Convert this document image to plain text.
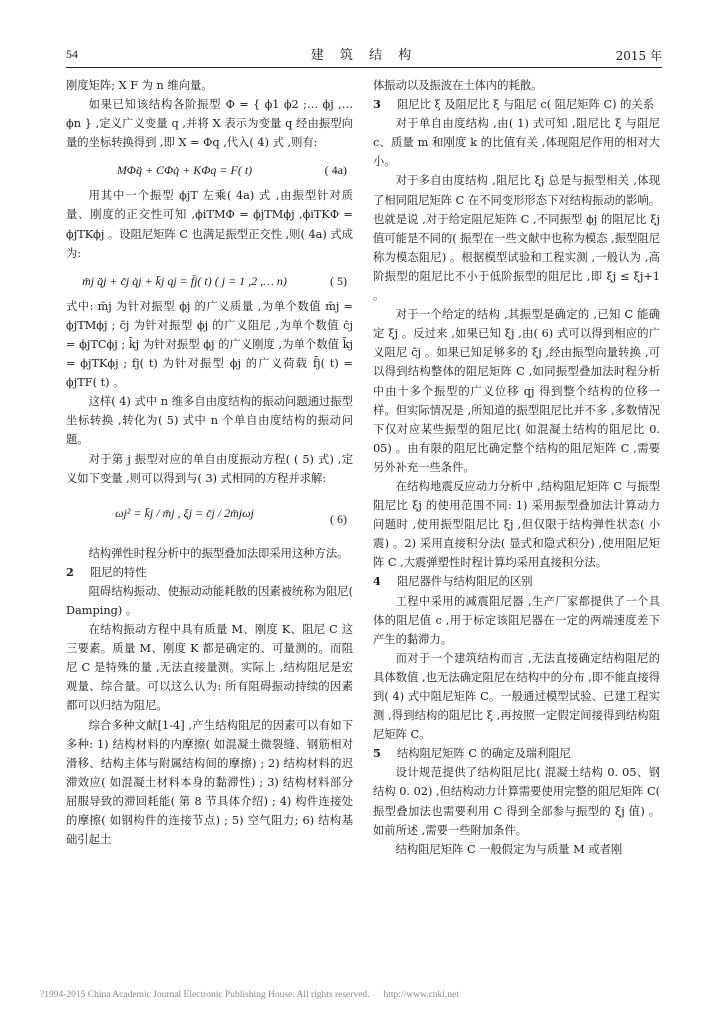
54	建 筑 结 构	2015 年

刚度矩阵; X F 为 n 维向量。

如果已知该结构各阶振型 Φ = { ϕ1 ϕ2 ;… ϕj ,… ϕn } ,定义广义变量 q ,并将 X 表示为变量 q 经由振型向量的坐标转换得到 ,即 X = Φq ,代入( 4) 式 ,则有:

MΦq̈ + CΦq̇ + KΦq = F( t)	( 4a)

用其中一个振型 ϕjT 左乘( 4a) 式 ,由振型针对质量、刚度的正交性可知 ,ϕiTMΦ = ϕjTMϕj ,ϕiTKΦ = ϕjTKϕj 。设阻尼矩阵 C 也满足振型正交性 ,则( 4a) 式成为:

m̄j q̈j + c̄j q̇j + k̄j qj = f̄j( t) ( j = 1 ,2 ,… n)	( 5)

式中: m̄j 为针对振型 ϕj 的广义质量 ,为单个数值 m̄j = ϕjTMϕj ; c̄j 为针对振型 ϕj 的广义阻尼 ,为单个数值 c̄j = ϕjTCϕj ; k̄j 为针对振型 ϕj 的广义刚度 ,为单个数值 k̄j = ϕjTKϕj ; fj( t) 为针对振型 ϕj 的广义荷载 f̄j( t) = ϕjTF( t) 。

这样( 4) 式中 n 维多自由度结构的振动问题通过振型坐标转换 ,转化为( 5) 式中 n 个单自由度结构的振动问题。

对于第 j 振型对应的单自由度振动方程( ( 5) 式) ,定义如下变量 ,则可以得到与( 3) 式相同的方程并求解:

ωj² = k̄j / m̄j , ξj = c̄j / 2m̄jωj	( 6)

结构弹性时程分析中的振型叠加法即采用这种方法。

2 阻尼的特性

阻碍结构振动、使振动动能耗散的因素被统称为阻尼( Damping) 。

在结构振动方程中具有质量 M、刚度 K、阻尼 C 这三要素。质量 M、刚度 K 都是确定的、可量测的。而阻尼 C 是特殊的量 ,无法直接量测。实际上 ,结构阻尼是宏观量、综合量。可以这么认为: 所有阻碍振动持续的因素都可以归结为阻尼。

综合多种文献[1-4] ,产生结构阻尼的因素可以有如下多种: 1) 结构材料的内摩擦( 如混凝土微裂缝、钢筋相对滑移、结构主体与附属结构间的摩擦) ; 2) 结构材料的迟滞效应( 如混凝土材料本身的黏滞性) ; 3) 结构材料部分屈服导致的滞回耗能( 第 8 节具体介绍) ; 4) 构件连接处的摩擦( 如钢构件的连接节点) ; 5) 空气阻力; 6) 结构基础引起土

体振动以及振波在土体内的耗散。

3 阻尼比 ξ 及阻尼比 ξ 与阻尼 c( 阻尼矩阵 C) 的关系

对于单自由度结构 ,由( 1) 式可知 ,阻尼比 ξ 与阻尼 c、质量 m 和刚度 k 的比值有关 ,体现阻尼作用的相对大小。

对于多自由度结构 ,阻尼比 ξj 总是与振型相关 ,体现了相同阻尼矩阵 C 在不同变形形态下对结构振动的影响。也就是说 ,对于给定阻尼矩阵 C ,不同振型 ϕj 的阻尼比 ξj 值可能是不同的( 振型在一些文献中也称为模态 ,振型阻尼称为模态阻尼) 。根据模型试验和工程实测 ,一般认为 ,高阶振型的阻尼比不小于低阶振型的阻尼比 ,即 ξj ≤ ξj+1 。

对于一个给定的结构 ,其振型是确定的 ,已知 C 能确定 ξj 。反过来 ,如果已知 ξj ,由( 6) 式可以得到相应的广义阻尼 c̄j 。如果已知足够多的 ξj ,经由振型向量转换 ,可以得到结构整体的阻尼矩阵 C ,如同振型叠加法时程分析中由十多个振型的广义位移 qj 得到整个结构的位移一样。但实际情况是 ,所知道的振型阻尼比并不多 ,多数情况下仅对应某些振型的阻尼比( 如混凝土结构的阻尼比 0. 05) 。由有限的阻尼比确定整个结构的阻尼矩阵 C ,需要另外补充一些条件。

在结构地震反应动力分析中 ,结构阻尼矩阵 C 与振型阻尼比 ξj 的使用范围不同: 1) 采用振型叠加法计算动力问题时 ,使用振型阻尼比 ξj ,但仅限于结构弹性状态( 小震) 。2) 采用直接积分法( 显式和隐式积分) ,使用阻尼矩阵 C ,大震弹塑性时程计算均采用直接积分法。

4 阻尼器件与结构阻尼的区别

工程中采用的减震阻尼器 ,生产厂家都提供了一个具体的阻尼值 c ,用于标定该阻尼器在一定的两端速度差下产生的黏滞力。

而对于一个建筑结构而言 ,无法直接确定结构阻尼的具体数值 ,也无法确定阻尼在结构中的分布 ,即不能直接得到( 4) 式中阻尼矩阵 C。一般通过模型试验、已建工程实测 ,得到结构的阻尼比 ξ ,再按照一定假定间接得到结构阻尼矩阵 C。

5 结构阻尼矩阵 C 的确定及瑞利阻尼

设计规范提供了结构阻尼比( 混凝土结构 0. 05、钢结构 0. 02) ,但结构动力计算需要使用完整的阻尼矩阵 C( 振型叠加法也需要利用 C 得到全部参与振型的 ξj 值) 。如前所述 ,需要一些附加条件。

结构阻尼矩阵 C 一般假定为与质量 M 或者刚

?1994-2015 China Academic Journal Electronic Publishing House. All rights reserved. http://www.cnki.net
